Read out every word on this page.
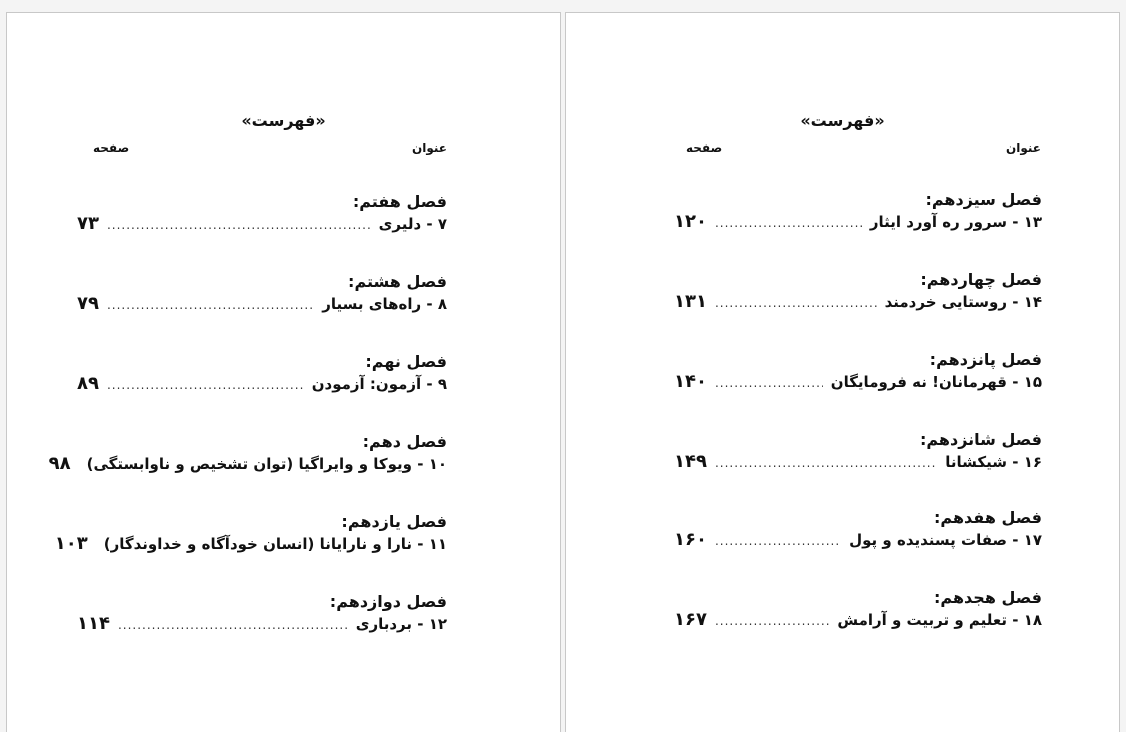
«فهرست»
عنوان
صفحه
فصل هفتم:
۷ - دلیری
.....
۷۳
فصل هشتم:
۸ - راه‌های بسیار
.....
۷۹
فصل نهم:
۹ - آزمون: آزمودن
.....
۸۹
فصل دهم:
۱۰ - ویوکا و وایراگیا (توان تشخیص و ناوابستگی)
۹۸
فصل یازدهم:
۱۱ - نارا و نارایانا (انسان خودآگاه و خداوندگار)
۱۰۳
فصل دوازدهم:
۱۲ - بردباری
.....
۱۱۴
«فهرست»
عنوان
صفحه
فصل سیزدهم:
۱۳ - سرور ره آورد ایثار
.....
۱۲۰
فصل چهاردهم:
۱۴ - روستایی خردمند
.....
۱۳۱
فصل پانزدهم:
۱۵ - قهرمانان! نه فرومایگان
.....
۱۴۰
فصل شانزدهم:
۱۶ - شیکشانا
.....
۱۴۹
فصل هفدهم:
۱۷ - صفات پسندیده و پول
.....
۱۶۰
فصل هجدهم:
۱۸ - تعلیم و تربیت و آرامش
.....
۱۶۷
